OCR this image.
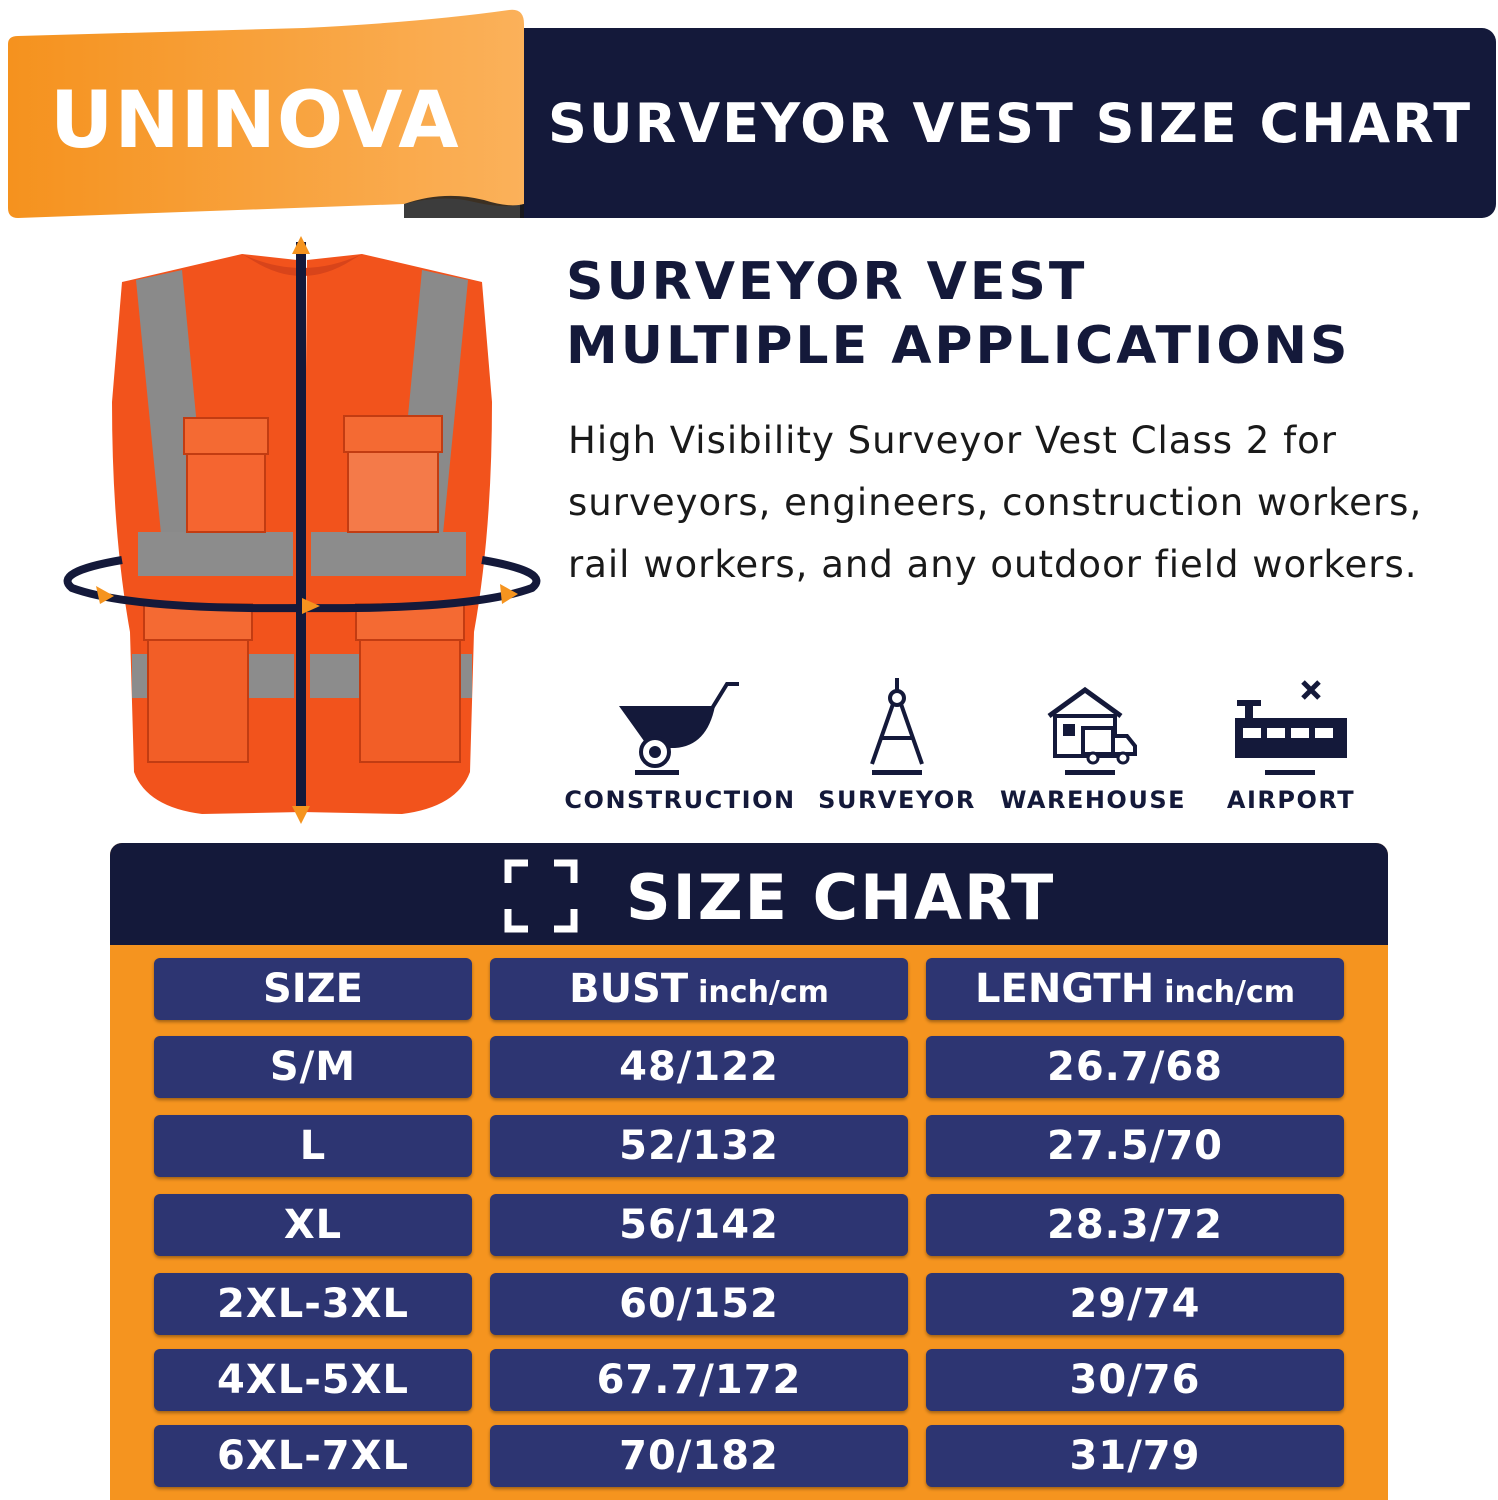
SURVEYOR VEST SIZE CHART
UNINOVA
SURVEYOR VEST
MULTIPLE APPLICATIONS
High Visibility Surveyor Vest Class 2 for surveyors, engineers, construction workers, rail workers, and any outdoor field workers.
CONSTRUCTION SURVEYOR WAREHOUSE	AIRPORT
SIZE CHART
SIZE	BUST inch/cm	LENGTH inch/cm
S/M	48/122	26.7/68
L	52/132	27.5/70
XL	56/142	28.3/72
2XL-3XL	60/152	29/74
4XL-5XL	67.7/172	30/76
6XL-7XL	70/182	31/79
